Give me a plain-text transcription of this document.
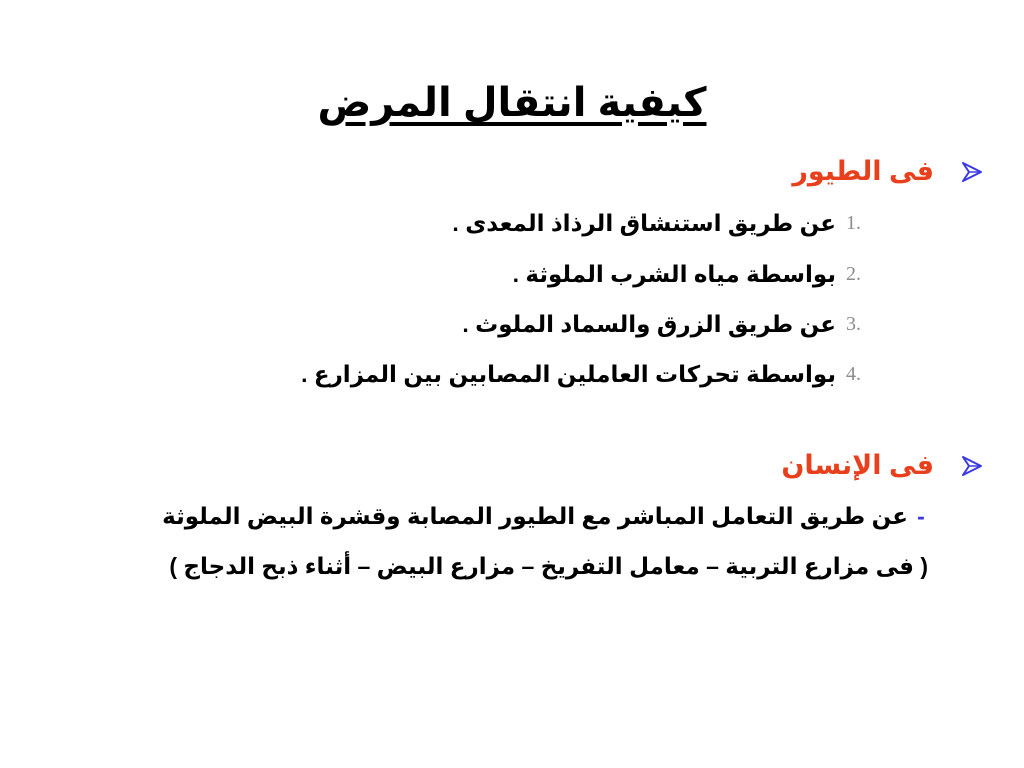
كيفية انتقال المرض
فى الطيور
1.
عن طريق استنشاق الرذاذ المعدى .
2.
بواسطة مياه الشرب الملوثة .
3.
عن طريق الزرق والسماد الملوث .
4.
بواسطة تحركات العاملين المصابين بين المزارع .
فى الإنسان
-
عن طريق التعامل المباشر مع الطيور المصابة وقشرة البيض الملوثة
( فى مزارع التربية – معامل التفريخ – مزارع البيض – أثناء ذبح الدجاج )
